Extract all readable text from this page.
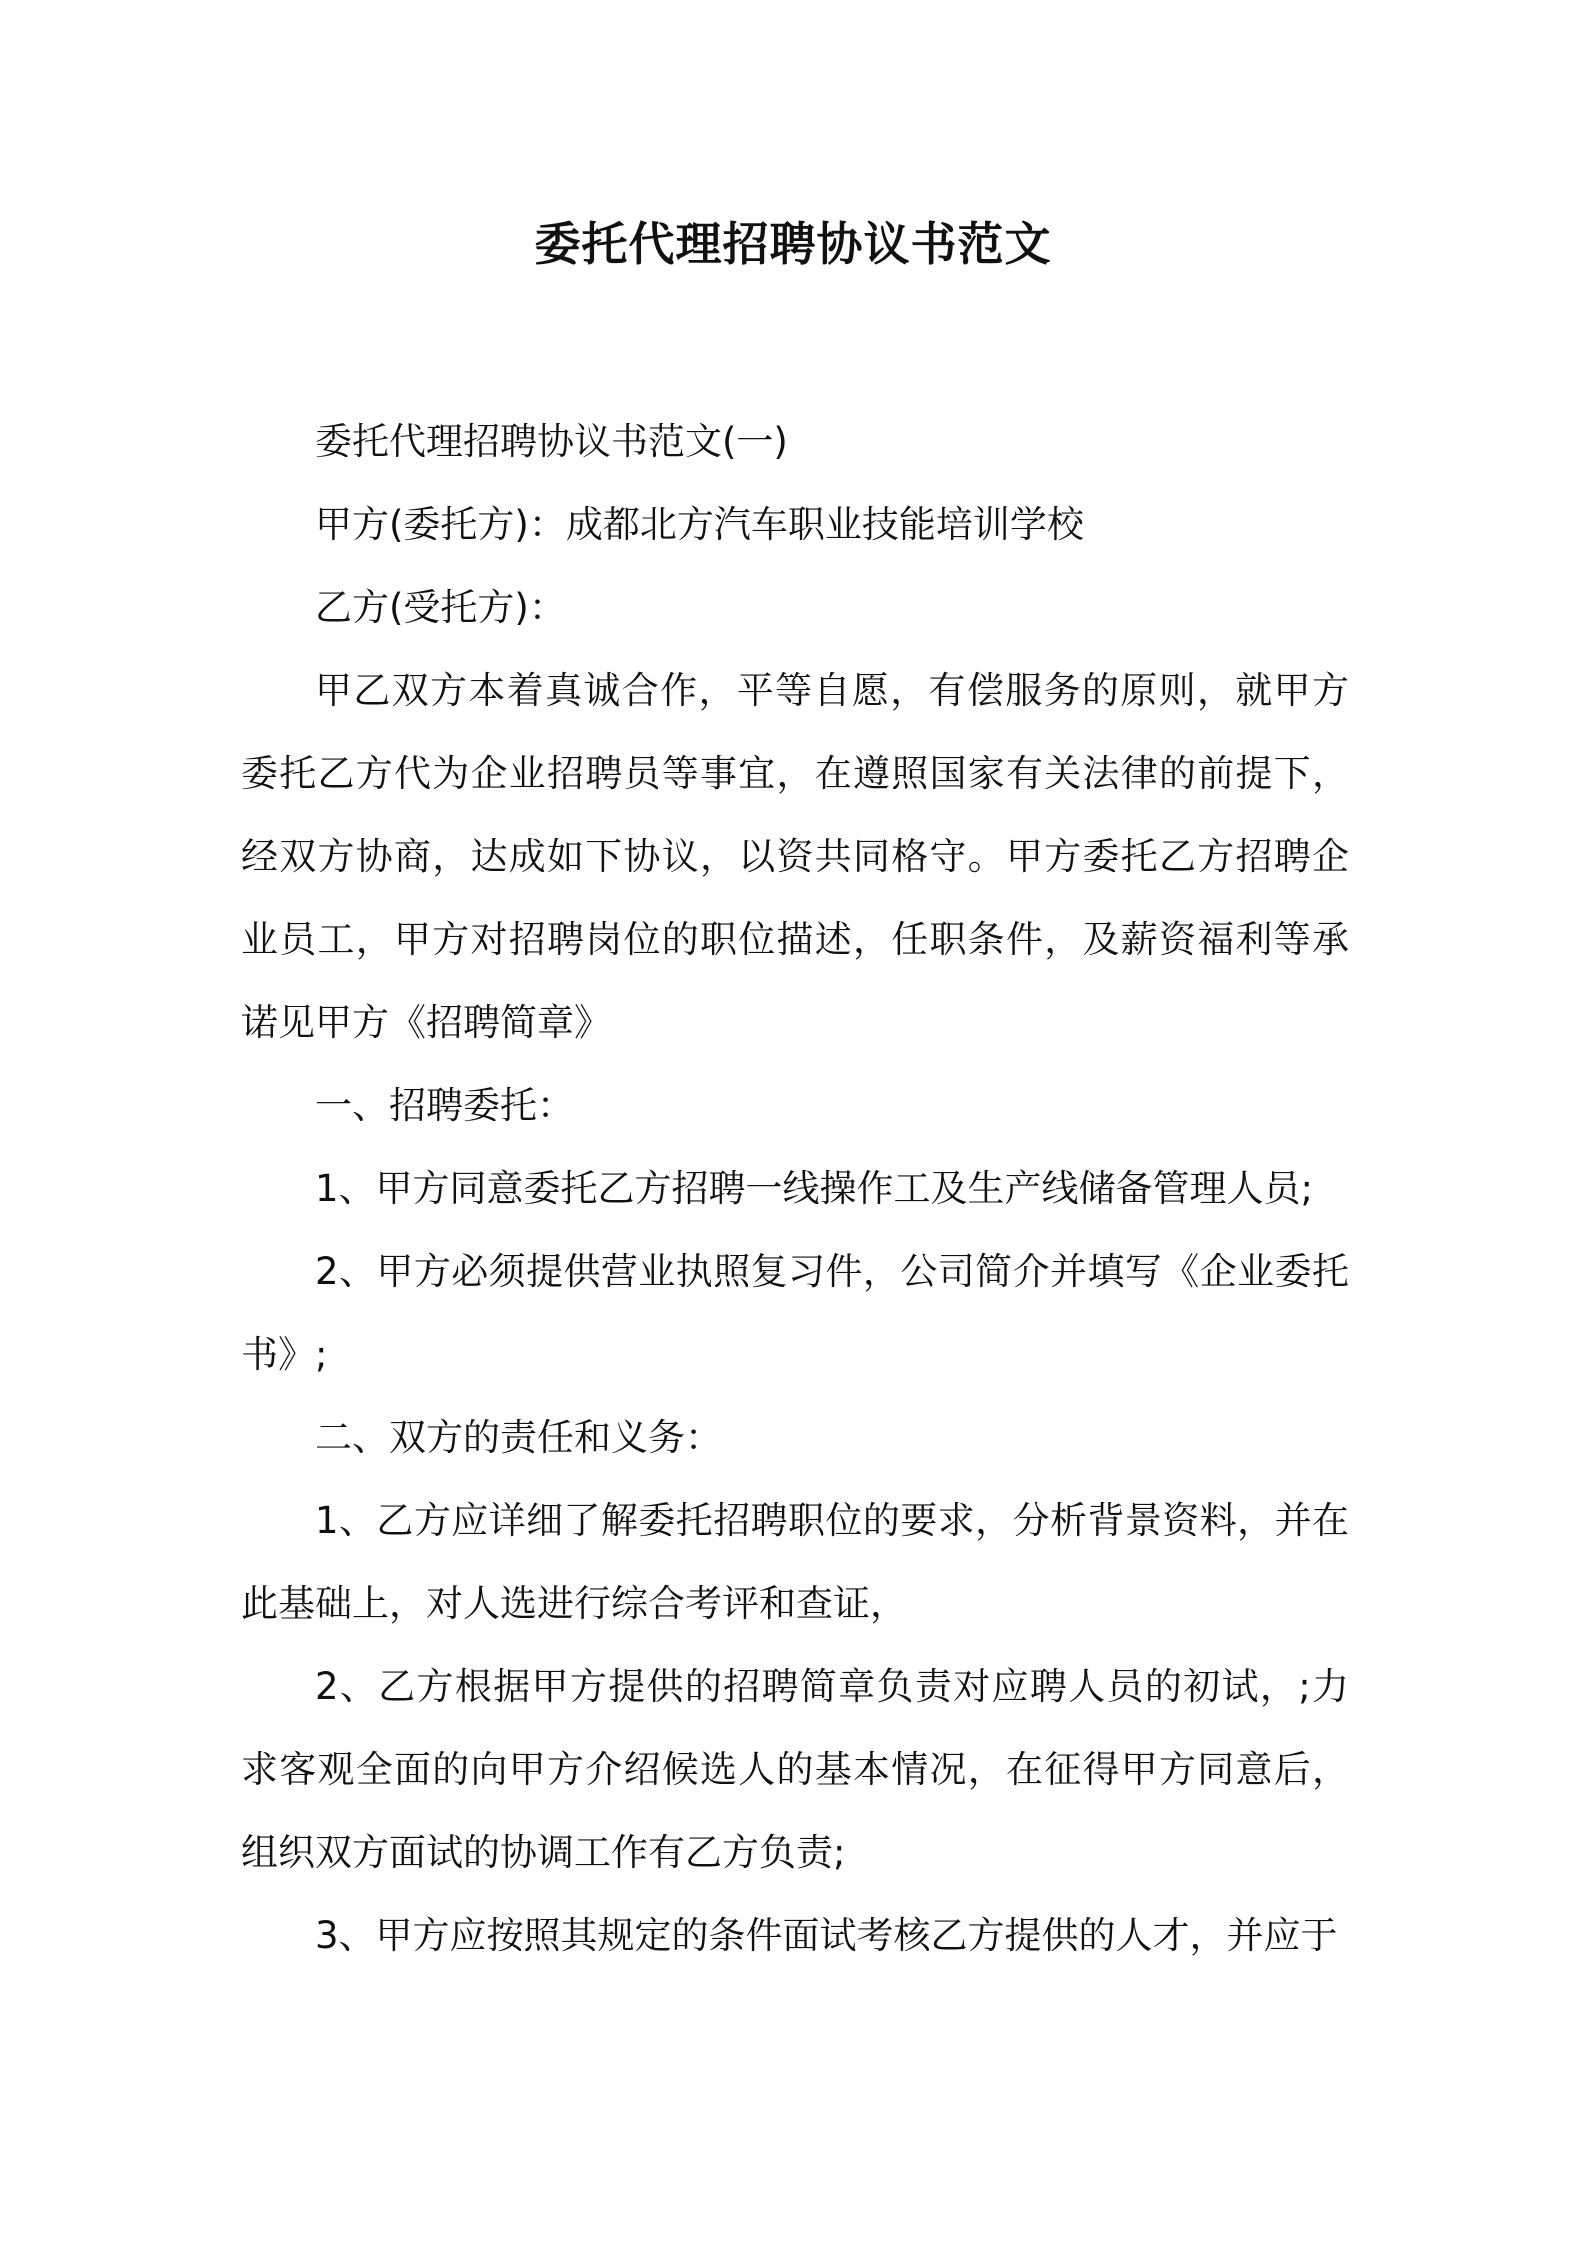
委托代理招聘协议书范文

委托代理招聘协议书范文(一)

甲方(委托方)：成都北方汽车职业技能培训学校

乙方(受托方)：

甲乙双方本着真诚合作，平等自愿，有偿服务的原则，就甲方委托乙方代为企业招聘员等事宜，在遵照国家有关法律的前提下，经双方协商，达成如下协议，以资共同格守。甲方委托乙方招聘企业员工，甲方对招聘岗位的职位描述，任职条件，及薪资福利等承诺见甲方《招聘简章》

一、招聘委托：

1、甲方同意委托乙方招聘一线操作工及生产线储备管理人员;

2、甲方必须提供营业执照复习件，公司简介并填写《企业委托书》;

二、双方的责任和义务：

1、乙方应详细了解委托招聘职位的要求，分析背景资料，并在此基础上，对人选进行综合考评和查证，

2、乙方根据甲方提供的招聘简章负责对应聘人员的初试，;力求客观全面的向甲方介绍候选人的基本情况，在征得甲方同意后，组织双方面试的协调工作有乙方负责;

3、甲方应按照其规定的条件面试考核乙方提供的人才，并应于
